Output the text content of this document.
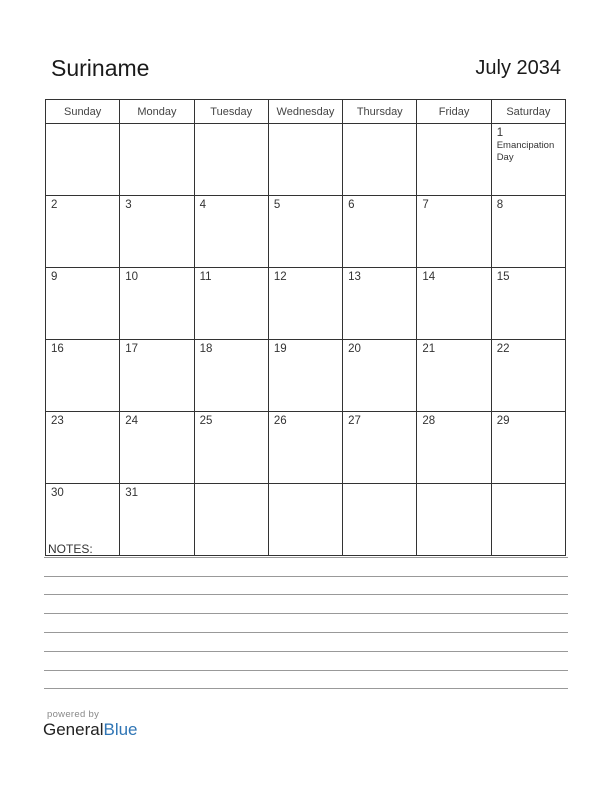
Suriname	July 2034
Sunday	Monday	Tuesday	Wednesday	Thursday	Friday	Saturday

						1
Emancipation Day

2	3	4	5	6	7	8

9	10	11	12	13	14	15

16	17	18	19	20	21	22

23	24	25	26	27	28	29

30	31					

NOTES:
powered by
GeneralBlue
